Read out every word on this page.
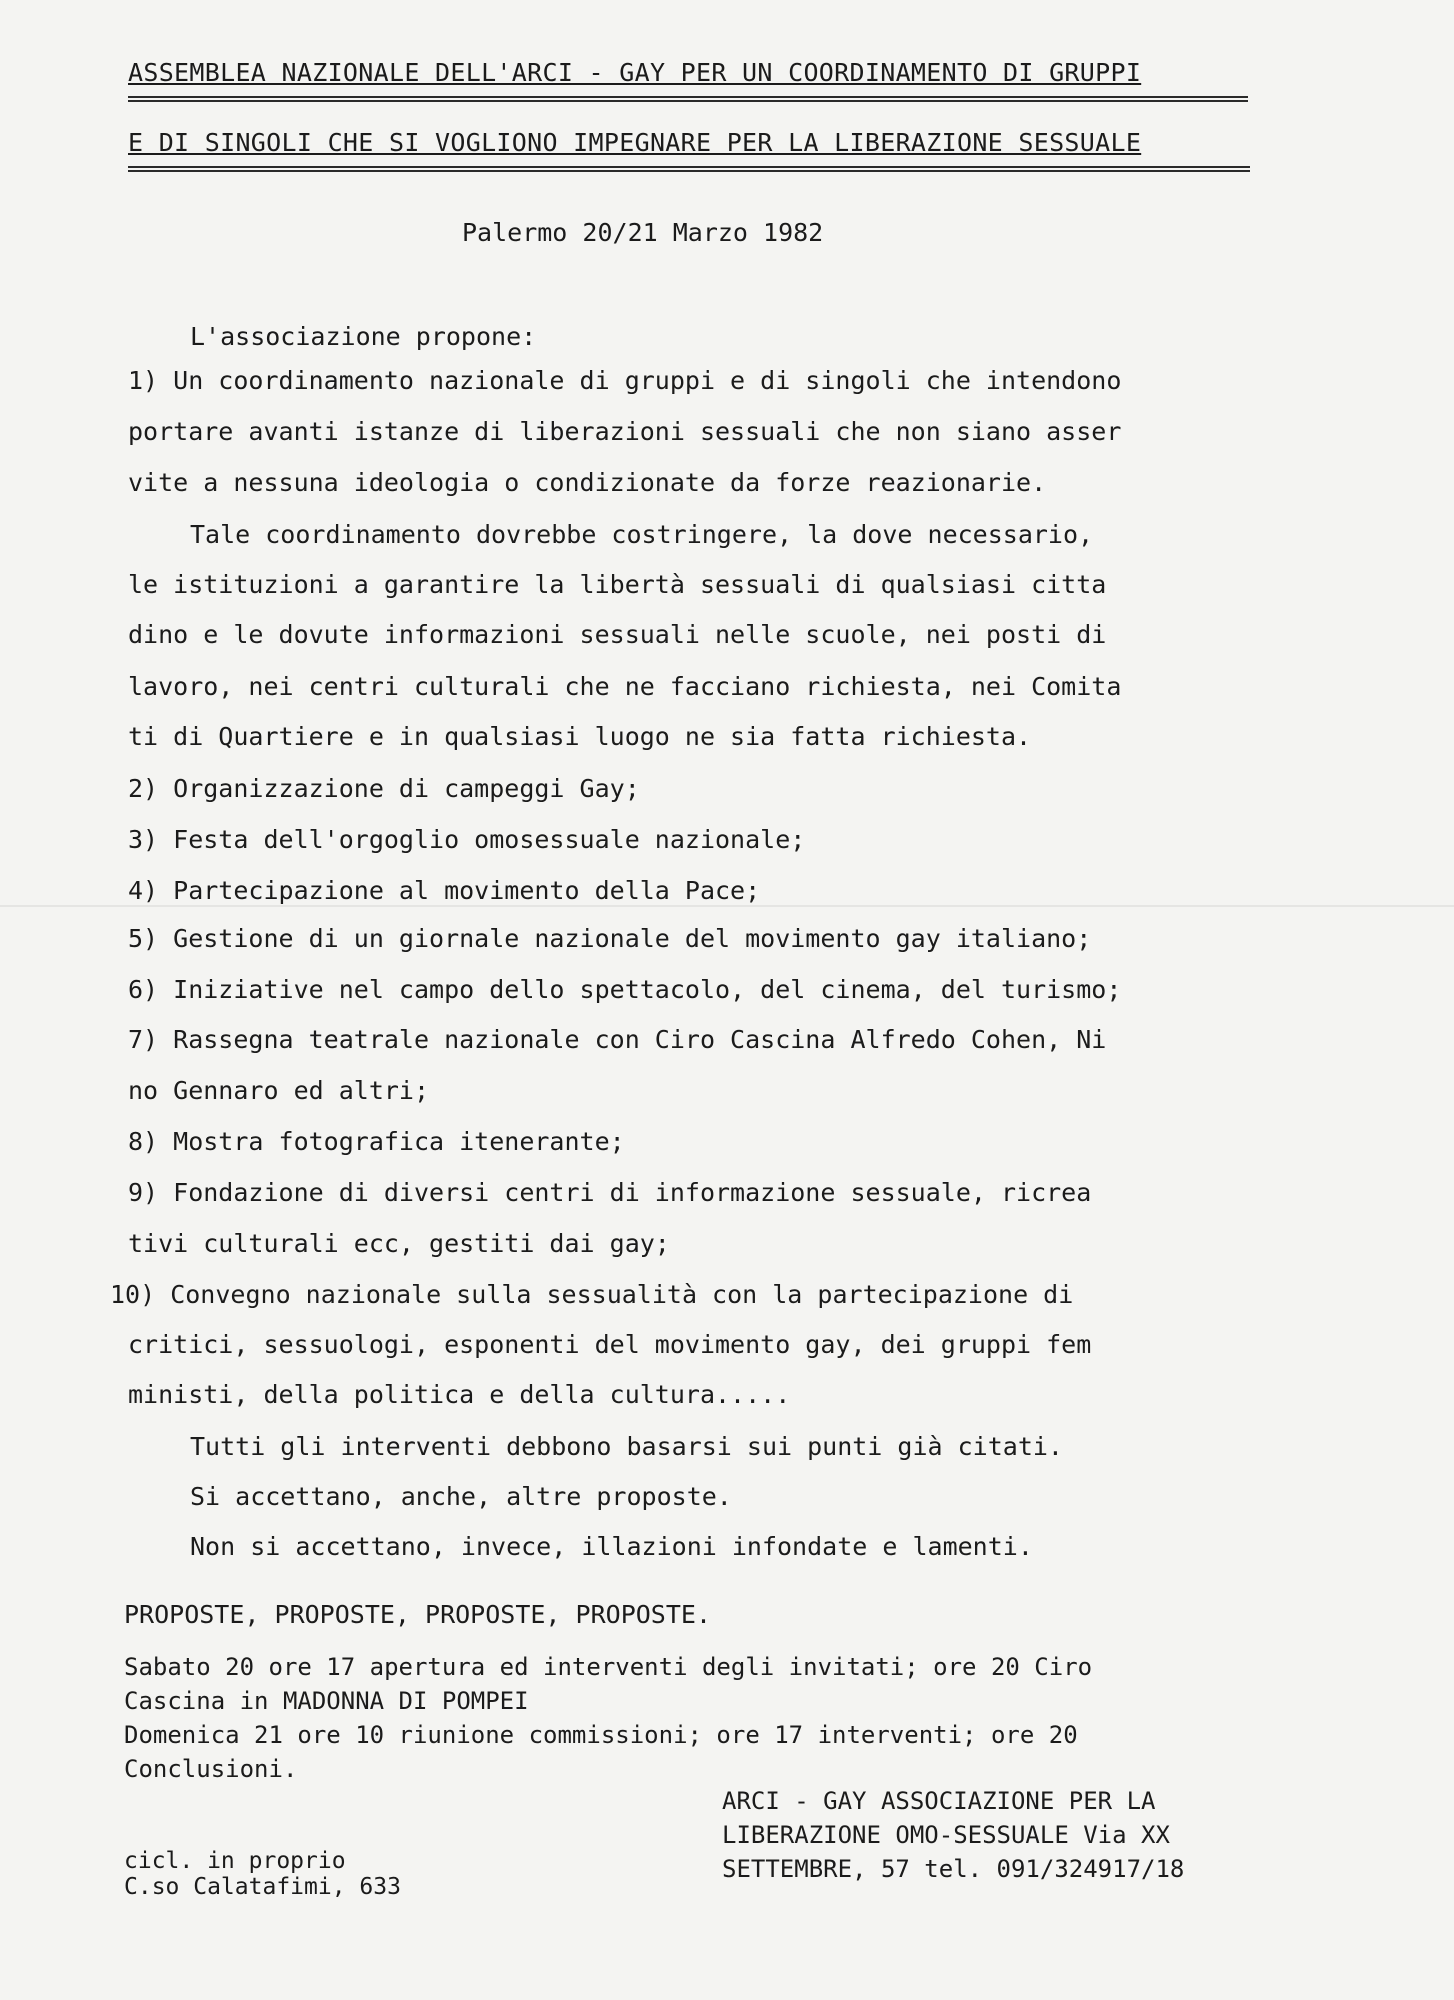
ASSEMBLEA NAZIONALE DELL'ARCI - GAY PER UN COORDINAMENTO DI GRUPPI
E DI SINGOLI CHE SI VOGLIONO IMPEGNARE PER LA LIBERAZIONE SESSUALE
Palermo 20/21 Marzo 1982
L'associazione propone:
1) Un coordinamento nazionale di gruppi e di singoli che intendono
portare avanti istanze di liberazioni sessuali che non siano asser
vite a nessuna ideologia o condizionate da forze reazionarie.
Tale coordinamento dovrebbe costringere, la dove necessario,
le istituzioni a garantire la libertà sessuali di qualsiasi citta
dino e le dovute informazioni sessuali nelle scuole, nei posti di
lavoro, nei centri culturali che ne facciano richiesta, nei Comita
ti di Quartiere e in qualsiasi luogo ne sia fatta richiesta.
2) Organizzazione di campeggi Gay;
3) Festa dell'orgoglio omosessuale nazionale;
4) Partecipazione al movimento della Pace;
5) Gestione di un giornale nazionale del movimento gay italiano;
6) Iniziative nel campo dello spettacolo, del cinema, del turismo;
7) Rassegna teatrale nazionale con Ciro Cascina Alfredo Cohen, Ni
no Gennaro ed altri;
8) Mostra fotografica itenerante;
9) Fondazione di diversi centri di informazione sessuale, ricrea
tivi culturali ecc, gestiti dai gay;
10) Convegno nazionale sulla sessualità con la partecipazione di
critici, sessuologi, esponenti del movimento gay, dei gruppi fem
ministi, della politica e della cultura.....
Tutti gli interventi debbono basarsi sui punti già citati.
Si accettano, anche, altre proposte.
Non si accettano, invece, illazioni infondate e lamenti.
PROPOSTE, PROPOSTE, PROPOSTE, PROPOSTE.
Sabato 20 ore 17 apertura ed interventi degli invitati; ore 20 Ciro
Cascina in MADONNA DI POMPEI
Domenica 21 ore 10 riunione commissioni; ore 17 interventi; ore 20
Conclusioni.
ARCI - GAY ASSOCIAZIONE PER LA
LIBERAZIONE OMO-SESSUALE Via XX
SETTEMBRE, 57 tel. 091/324917/18
cicl. in proprio
C.so Calatafimi, 633
